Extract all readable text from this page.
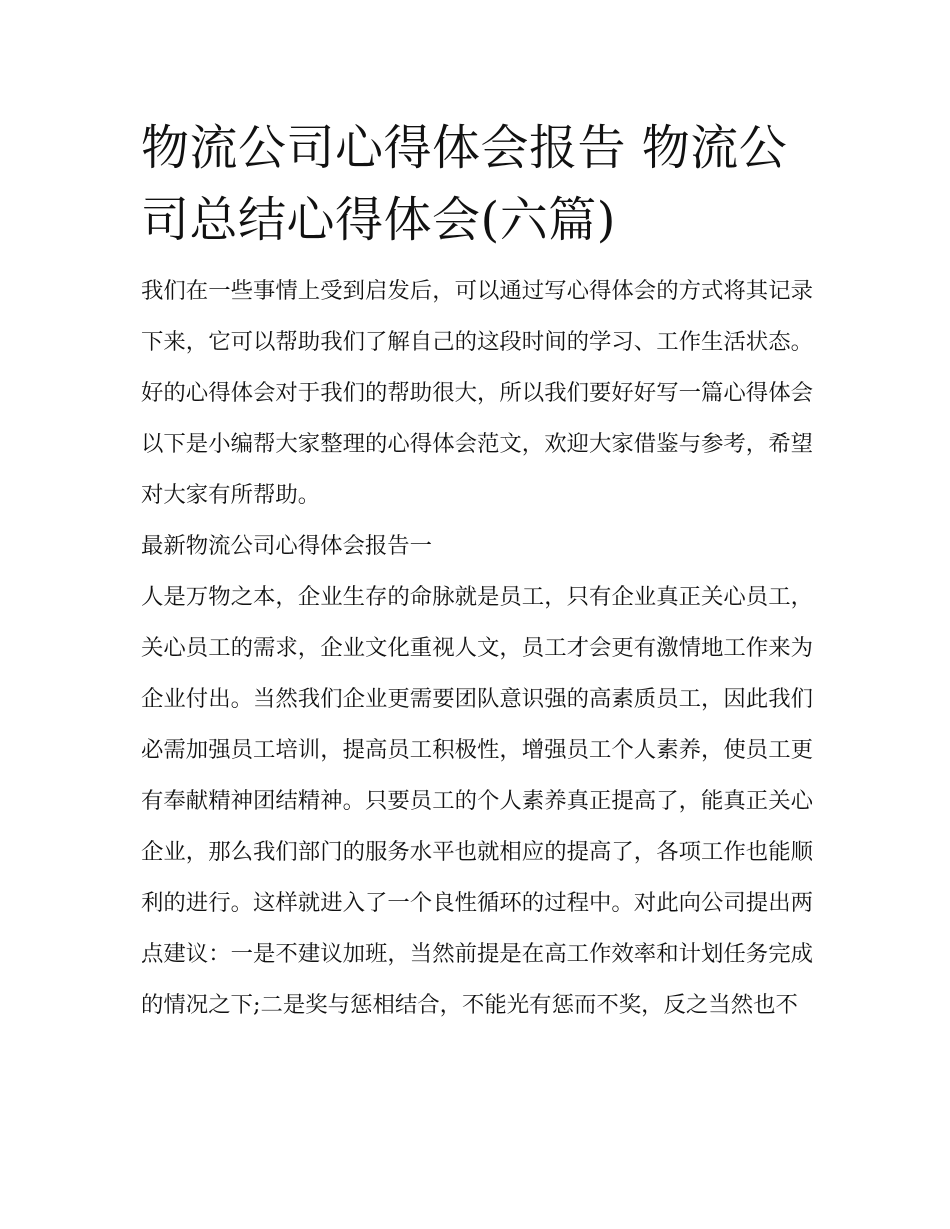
物流公司心得体会报告 物流公司总结心得体会(六篇)

我们在一些事情上受到启发后，可以通过写心得体会的方式将其记录下来，它可以帮助我们了解自己的这段时间的学习、工作生活状态。好的心得体会对于我们的帮助很大，所以我们要好好写一篇心得体会以下是小编帮大家整理的心得体会范文，欢迎大家借鉴与参考，希望对大家有所帮助。

最新物流公司心得体会报告一

人是万物之本，企业生存的命脉就是员工，只有企业真正关心员工，关心员工的需求，企业文化重视人文，员工才会更有激情地工作来为企业付出。当然我们企业更需要团队意识强的高素质员工，因此我们必需加强员工培训，提高员工积极性，增强员工个人素养，使员工更有奉献精神团结精神。只要员工的个人素养真正提高了，能真正关心企业，那么我们部门的服务水平也就相应的提高了，各项工作也能顺利的进行。这样就进入了一个良性循环的过程中。对此向公司提出两点建议：一是不建议加班，当然前提是在高工作效率和计划任务完成的情况之下;二是奖与惩相结合，不能光有惩而不奖，反之当然也不
